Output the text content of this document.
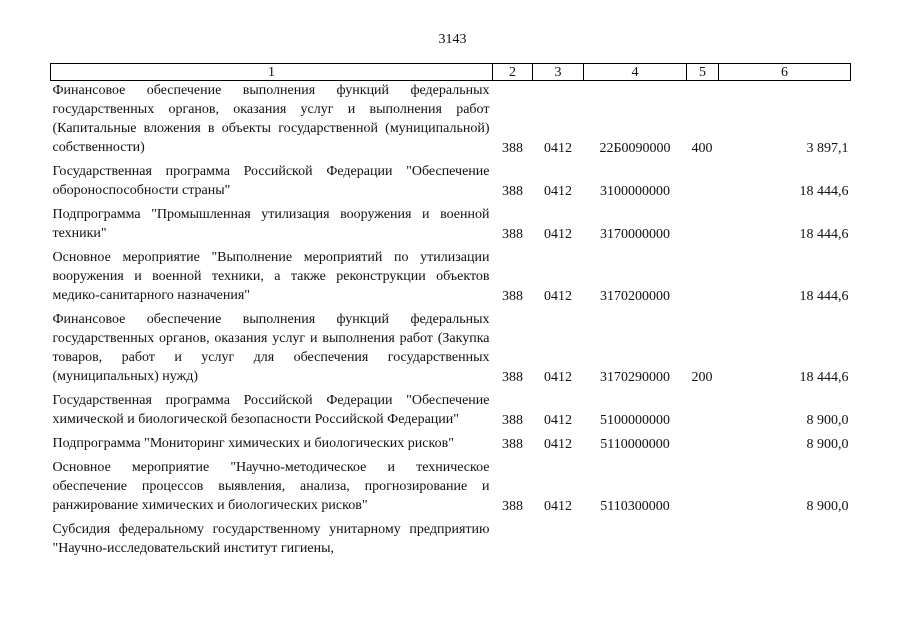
3143
1	2	3	4	5	6
Финансовое обеспечение выполнения функций федеральных государственных органов, оказания услуг и выполнения работ (Капитальные вложения в объекты государственной (муниципальной) собственности)	388	0412	22Б0090000	400	3 897,1

Государственная программа Российской Федерации "Обеспечение обороноспособности страны"	388	0412	3100000000		18 444,6

Подпрограмма "Промышленная утилизация вооружения и военной техники"	388	0412	3170000000		18 444,6

Основное мероприятие "Выполнение мероприятий по утилизации вооружения и военной техники, а также реконструкции объектов медико-санитарного назначения"	388	0412	3170200000		18 444,6

Финансовое обеспечение выполнения функций федеральных государственных органов, оказания услуг и выполнения работ (Закупка товаров, работ и услуг для обеспечения государственных (муниципальных) нужд)	388	0412	3170290000	200	18 444,6

Государственная программа Российской Федерации "Обеспечение химической и биологической безопасности Российской Федерации"	388	0412	5100000000		8 900,0

Подпрограмма "Мониторинг химических и биологических рисков"	388	0412	5110000000		8 900,0

Основное мероприятие "Научно-методическое и техническое обеспечение процессов выявления, анализа, прогнозирование и ранжирование химических и биологических рисков"	388	0412	5110300000		8 900,0

Субсидия федеральному государственному унитарному предприятию "Научно-исследовательский институт гигиены,					
